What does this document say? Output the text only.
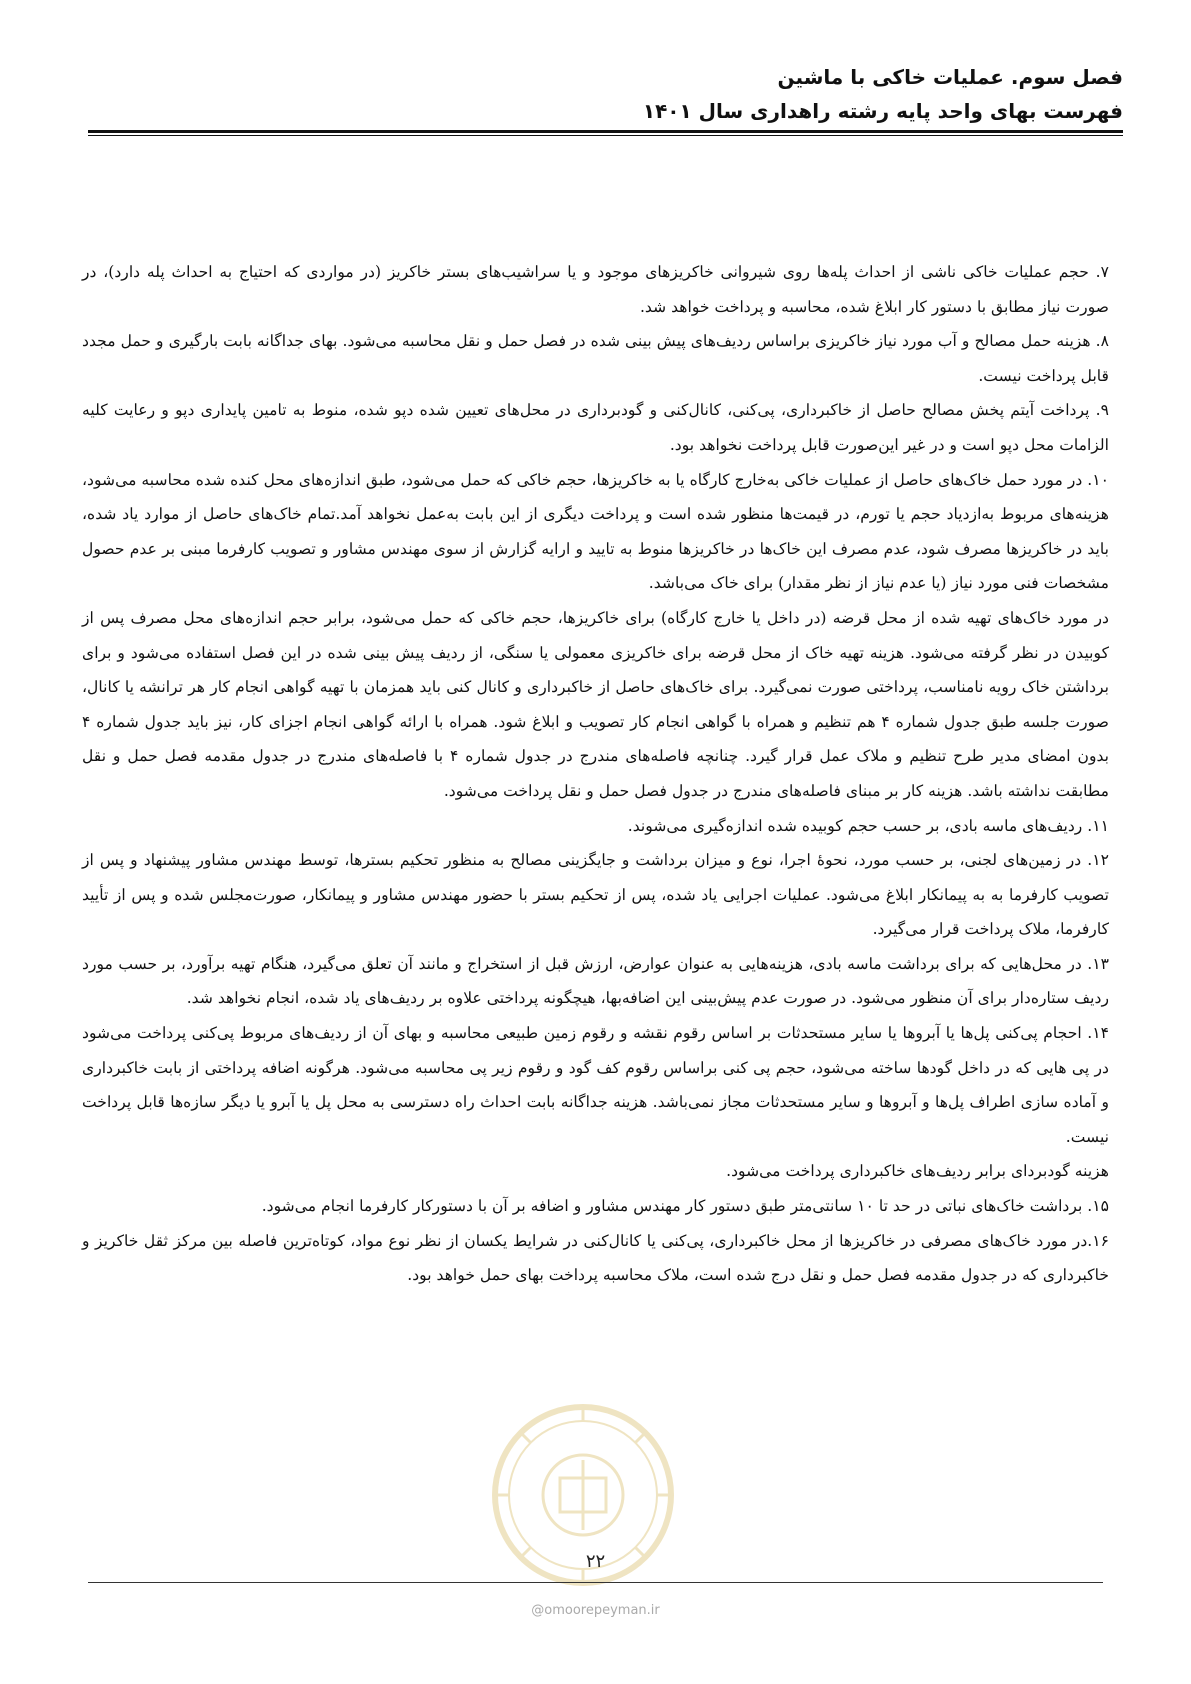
فصل سوم. عملیات خاکی با ماشین
فهرست بهای واحد پایه رشته راهداری سال ۱۴۰۱

۷. حجم عملیات خاکی ناشی از احداث پله‌ها روی شیروانی خاکریزهای موجود و یا سراشیب‌های بستر خاکریز (در مواردی که احتیاج به احداث پله دارد)، در صورت نیاز مطابق با دستور کار ابلاغ شده، محاسبه و پرداخت خواهد شد.

۸. هزینه حمل مصالح و آب مورد نیاز خاکریزی براساس ردیف‌های پیش بینی شده در فصل حمل و نقل محاسبه می‌شود. بهای جداگانه بابت بارگیری و حمل مجدد قابل پرداخت نیست.

۹. پرداخت آیتم پخش مصالح حاصل از خاکبرداری، پی‌کنی، کانال‌کنی و گودبرداری در محل‌های تعیین شده دپو شده، منوط به تامین پایداری دپو و رعایت کلیه الزامات محل دپو است و در غیر این‌صورت قابل پرداخت نخواهد بود.

۱۰. در مورد حمل خاک‌های حاصل از عملیات خاکی به‌خارج کارگاه یا به خاکریزها، حجم خاکی که حمل می‌شود، طبق اندازه‌های محل کنده شده محاسبه می‌شود، هزینه‌های مربوط به‌ازدیاد حجم یا تورم، در قیمت‌ها منظور شده است و پرداخت دیگری از این بابت به‌عمل نخواهد آمد.تمام خاک‌های حاصل از موارد یاد شده، باید در خاکریزها مصرف شود، عدم مصرف این خاک‌ها در خاکریزها منوط به تایید و ارایه گزارش از سوی مهندس مشاور و تصویب کارفرما مبنی بر عدم حصول مشخصات فنی مورد نیاز (یا عدم نیاز از نظر مقدار) برای خاک می‌باشد.

در مورد خاک‌های تهیه شده از محل قرضه (در داخل یا خارج کارگاه) برای خاکریزها، حجم خاکی که حمل می‌شود، برابر حجم اندازه‌های محل مصرف پس از کوبیدن در نظر گرفته می‌شود. هزینه تهیه خاک از محل قرضه برای خاکریزی معمولی یا سنگی، از ردیف پیش بینی شده در این فصل استفاده می‌شود و برای برداشتن خاک رویه نامناسب، پرداختی صورت نمی‌گیرد. برای خاک‌های حاصل از خاکبرداری و کانال کنی باید همزمان با تهیه گواهی انجام کار هر ترانشه یا کانال، صورت جلسه طبق جدول شماره ۴ هم تنظیم و همراه با گواهی انجام کار تصویب و ابلاغ شود. همراه با ارائه گواهی انجام اجزای کار، نیز باید جدول شماره ۴ بدون امضای مدیر طرح تنظیم و ملاک عمل قرار گیرد. چنانچه فاصله‌های مندرج در جدول شماره ۴ با فاصله‌های مندرج در جدول مقدمه فصل حمل و نقل مطابقت نداشته باشد. هزینه کار بر مبنای فاصله‌های مندرج در جدول فصل حمل و نقل پرداخت می‌شود.

۱۱. ردیف‌های ماسه بادی، بر حسب حجم کوبیده شده اندازه‌گیری می‌شوند.

۱۲. در زمین‌های لجنی، بر حسب مورد، نحوهٔ اجرا، نوع و میزان برداشت و جایگزینی مصالح به منظور تحکیم بسترها، توسط مهندس مشاور پیشنهاد و پس از تصویب کارفرما به به پیمانکار ابلاغ می‌شود. عملیات اجرایی یاد شده، پس از تحکیم بستر با حضور مهندس مشاور و پیمانکار، صورت‌مجلس شده و پس از تأیید کارفرما، ملاک پرداخت قرار می‌گیرد.

۱۳. در محل‌هایی که برای برداشت ماسه بادی، هزینه‌هایی به عنوان عوارض، ارزش قبل از استخراج و مانند آن تعلق می‌گیرد، هنگام تهیه برآورد، بر حسب مورد ردیف ستاره‌دار برای آن منظور می‌شود. در صورت عدم پیش‌بینی این اضافه‌بها، هیچگونه پرداختی علاوه بر ردیف‌های یاد شده، انجام نخواهد شد.

۱۴. احجام پی‌کنی پل‌ها یا آبروها یا سایر مستحدثات بر اساس رقوم نقشه و رقوم زمین طبیعی محاسبه و بهای آن از ردیف‌های مربوط پی‌کنی پرداخت می‌شود در پی هایی که در داخل گودها ساخته می‌شود، حجم پی کنی براساس رقوم کف گود و رقوم زیر پی محاسبه می‌شود. هرگونه اضافه پرداختی از بابت خاکبرداری و آماده سازی اطراف پل‌ها و آبروها و سایر مستحدثات مجاز نمی‌باشد. هزینه جداگانه بابت احداث راه دسترسی به محل پل یا آبرو یا دیگر سازه‌ها قابل پرداخت نیست.

هزینه گودبردای برابر ردیف‌های خاکبرداری پرداخت می‌شود.

۱۵. برداشت خاک‌های نباتی در حد تا ۱۰ سانتی‌متر طبق دستور کار مهندس مشاور و اضافه بر آن با دستورکار کارفرما انجام می‌شود.

۱۶.در مورد خاک‌های مصرفی در خاکریزها از محل خاکبرداری، پی‌کنی یا کانال‌کنی در شرایط یکسان از نظر نوع مواد، کوتاه‌ترین فاصله بین مرکز ثقل خاکریز و خاکبرداری که در جدول مقدمه فصل حمل و نقل درج شده است، ملاک محاسبه پرداخت بهای حمل خواهد بود.

۲۲
@omoorepeyman.ir
